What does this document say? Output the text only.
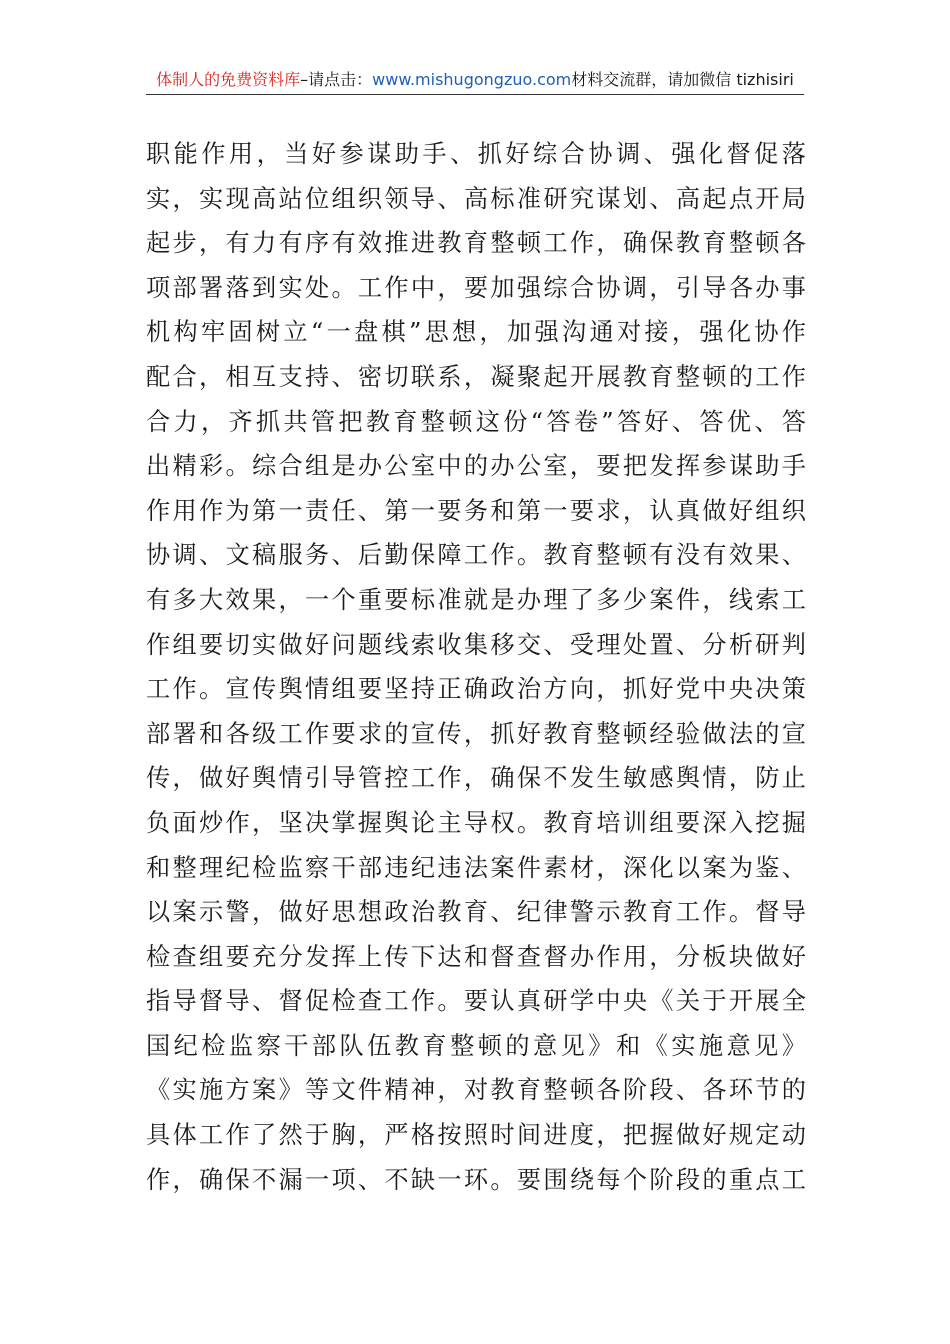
体制人的免费资料库–请点击：www.mishugongzuo.com材料交流群，请加微信 tizhisiri
职能作用，当好参谋助手、抓好综合协调、强化督促落
实，实现高站位组织领导、高标准研究谋划、高起点开局
起步，有力有序有效推进教育整顿工作，确保教育整顿各
项部署落到实处。工作中，要加强综合协调，引导各办事
机构牢固树立“一盘棋”思想，加强沟通对接，强化协作
配合，相互支持、密切联系，凝聚起开展教育整顿的工作
合力，齐抓共管把教育整顿这份“答卷”答好、答优、答
出精彩。综合组是办公室中的办公室，要把发挥参谋助手
作用作为第一责任、第一要务和第一要求，认真做好组织
协调、文稿服务、后勤保障工作。教育整顿有没有效果、
有多大效果，一个重要标准就是办理了多少案件，线索工
作组要切实做好问题线索收集移交、受理处置、分析研判
工作。宣传舆情组要坚持正确政治方向，抓好党中央决策
部署和各级工作要求的宣传，抓好教育整顿经验做法的宣
传，做好舆情引导管控工作，确保不发生敏感舆情，防止
负面炒作，坚决掌握舆论主导权。教育培训组要深入挖掘
和整理纪检监察干部违纪违法案件素材，深化以案为鉴、
以案示警，做好思想政治教育、纪律警示教育工作。督导
检查组要充分发挥上传下达和督查督办作用，分板块做好
指导督导、督促检查工作。要认真研学中央《关于开展全
国纪检监察干部队伍教育整顿的意见》和《实施意见》
《实施方案》等文件精神，对教育整顿各阶段、各环节的
具体工作了然于胸，严格按照时间进度，把握做好规定动
作，确保不漏一项、不缺一环。要围绕每个阶段的重点工
